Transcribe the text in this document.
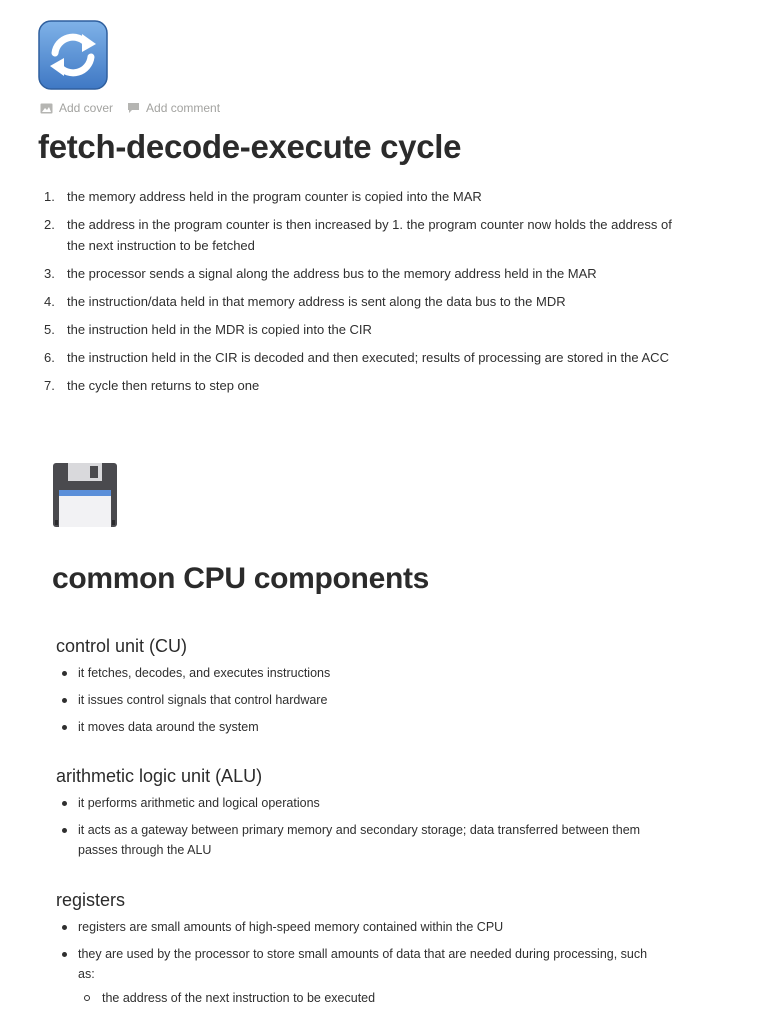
Add cover	Add comment
fetch-decode-execute cycle
1. the memory address held in the program counter is copied into the MAR
2. the address in the program counter is then increased by 1. the program counter now holds the address of the next instruction to be fetched
3. the processor sends a signal along the address bus to the memory address held in the MAR
4. the instruction/data held in that memory address is sent along the data bus to the MDR
5. the instruction held in the MDR is copied into the CIR
6. the instruction held in the CIR is decoded and then executed; results of processing are stored in the ACC
7. the cycle then returns to step one
common CPU components
control unit (CU)
it fetches, decodes, and executes instructions
it issues control signals that control hardware
it moves data around the system
arithmetic logic unit (ALU)
it performs arithmetic and logical operations
it acts as a gateway between primary memory and secondary storage; data transferred between them passes through the ALU
registers
registers are small amounts of high-speed memory contained within the CPU
they are used by the processor to store small amounts of data that are needed during processing, such as:
the address of the next instruction to be executed
